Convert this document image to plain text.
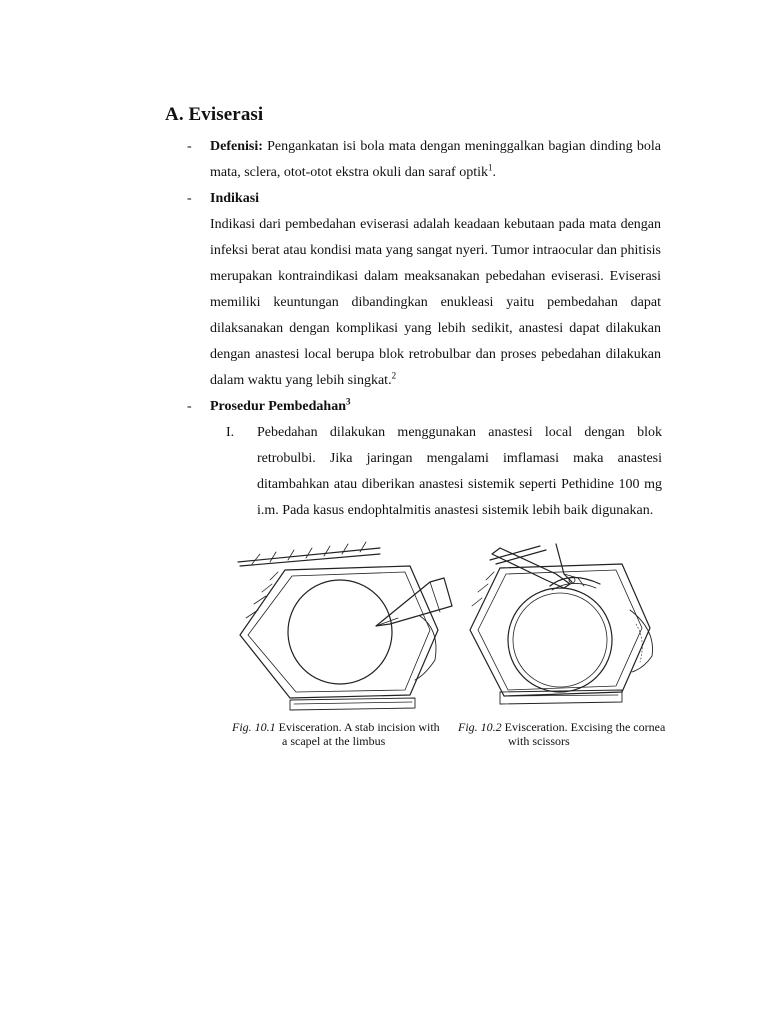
A. Eviserasi
- Defenisi: Pengankatan isi bola mata dengan meninggalkan bagian dinding bola mata, sclera, otot-otot ekstra okuli dan saraf optik$^1$.
- Indikasi
Indikasi dari pembedahan eviserasi adalah keadaan kebutaan pada mata dengan infeksi berat atau kondisi mata yang sangat nyeri. Tumor intraocular dan phitisis merupakan kontraindikasi dalam meaksanakan pebedahan eviserasi. Eviserasi memiliki keuntungan dibandingkan enukleasi yaitu pembedahan dapat dilaksanakan dengan komplikasi yang lebih sedikit, anastesi dapat dilakukan dengan anastesi local berupa blok retrobulbar dan proses pebedahan dilakukan dalam waktu yang lebih singkat.$^2$
- Prosedur Pembedahan$^3$
I. Pebedahan dilakukan menggunakan anastesi local dengan blok retrobulbi. Jika jaringan mengalami imflamasi maka anastesi ditambahkan atau diberikan anastesi sistemik seperti Pethidine 100 mg i.m. Pada kasus endophtalmitis anastesi sistemik lebih baik digunakan.
Fig. 10.1 Evisceration. A stab incision with
a scapel at the limbus
Fig. 10.2 Evisceration. Excising the cornea
with scissors
